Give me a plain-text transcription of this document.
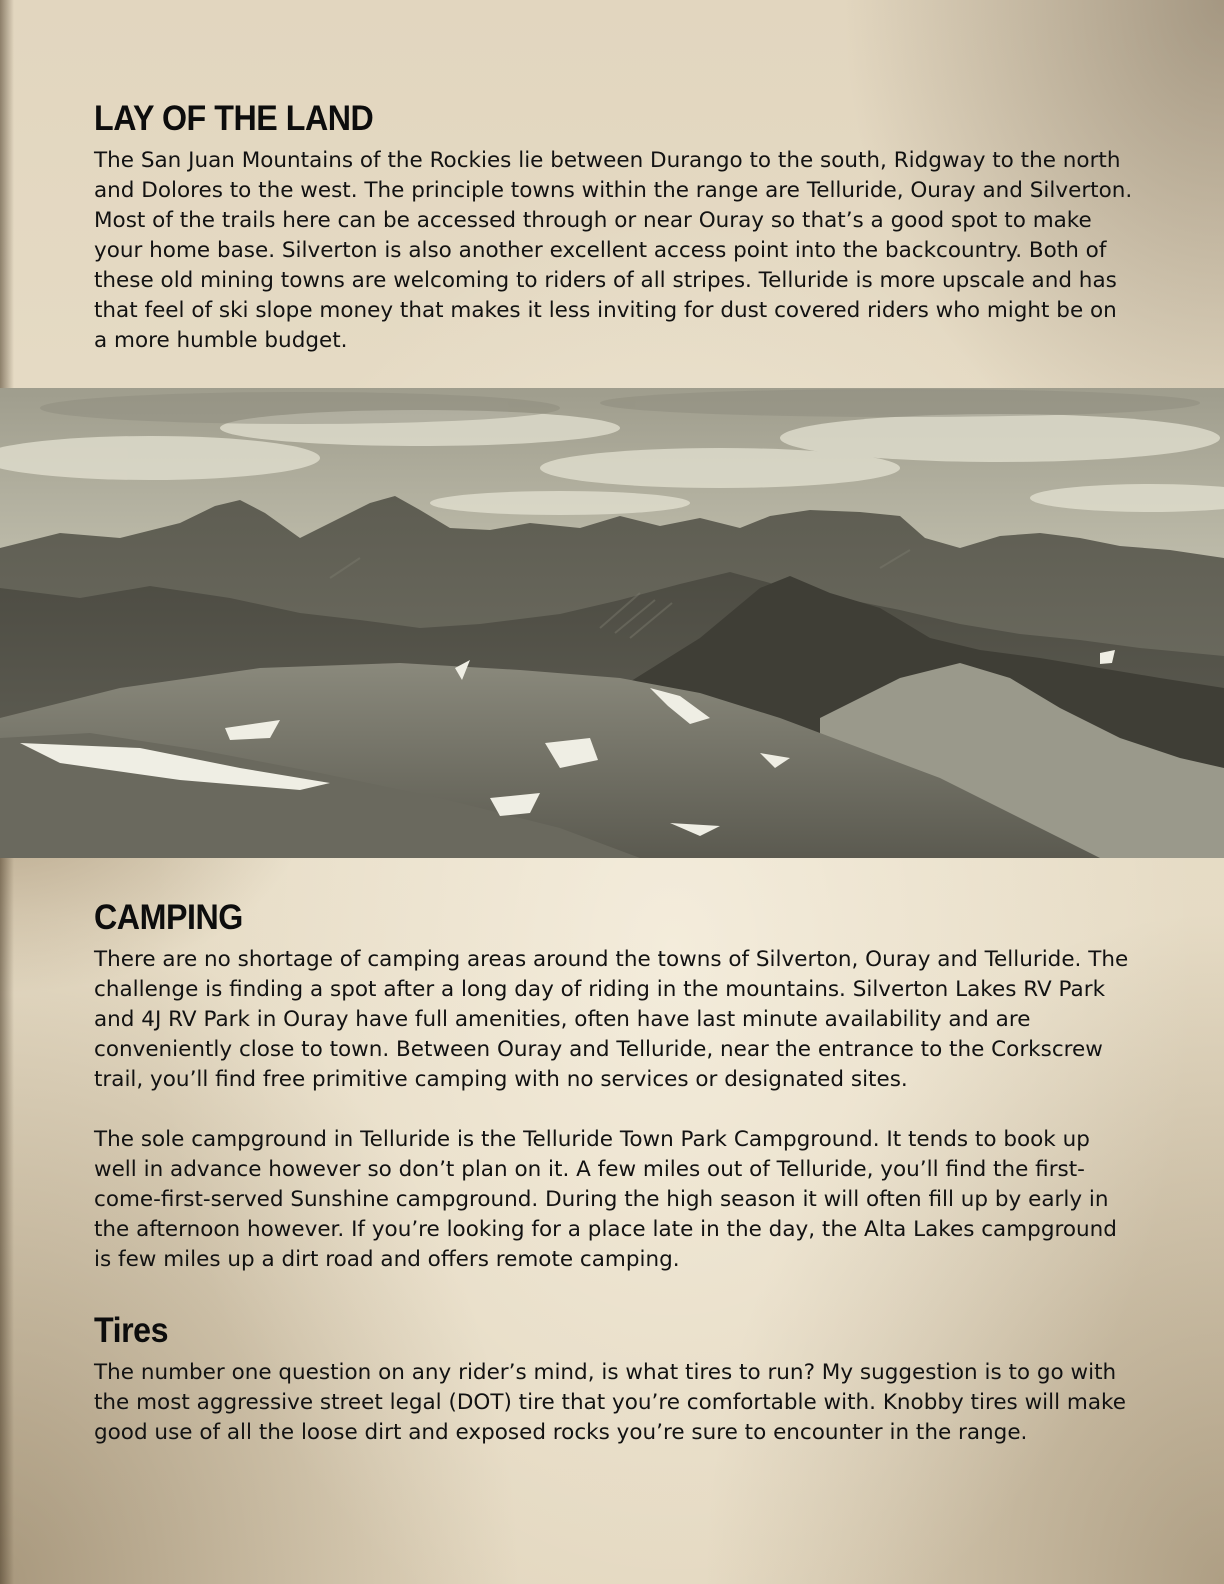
LAY OF THE LAND

The San Juan Mountains of the Rockies lie between Durango to the south, Ridgway to the north and Dolores to the west. The principle towns within the range are Telluride, Ouray and Silverton. Most of the trails here can be accessed through or near Ouray so that’s a good spot to make your home base. Silverton is also another excellent access point into the backcountry. Both of these old mining towns are welcoming to riders of all stripes. Telluride is more upscale and has that feel of ski slope money that makes it less inviting for dust covered riders who might be on a more humble budget.

CAMPING

There are no shortage of camping areas around the towns of Silverton, Ouray and Telluride. The challenge is finding a spot after a long day of riding in the mountains. Silverton Lakes RV Park and 4J RV Park in Ouray have full amenities, often have last minute availability and are conveniently close to town. Between Ouray and Telluride, near the entrance to the Corkscrew trail, you’ll find free primitive camping with no services or designated sites.

The sole campground in Telluride is the Telluride Town Park Campground. It tends to book up well in advance however so don’t plan on it. A few miles out of Telluride, you’ll find the first-come-first-served Sunshine campground. During the high season it will often fill up by early in the afternoon however. If you’re looking for a place late in the day, the Alta Lakes campground is few miles up a dirt road and offers remote camping.

Tires

The number one question on any rider’s mind, is what tires to run? My suggestion is to go with the most aggressive street legal (DOT) tire that you’re comfortable with. Knobby tires will make good use of all the loose dirt and exposed rocks you’re sure to encounter in the range.
